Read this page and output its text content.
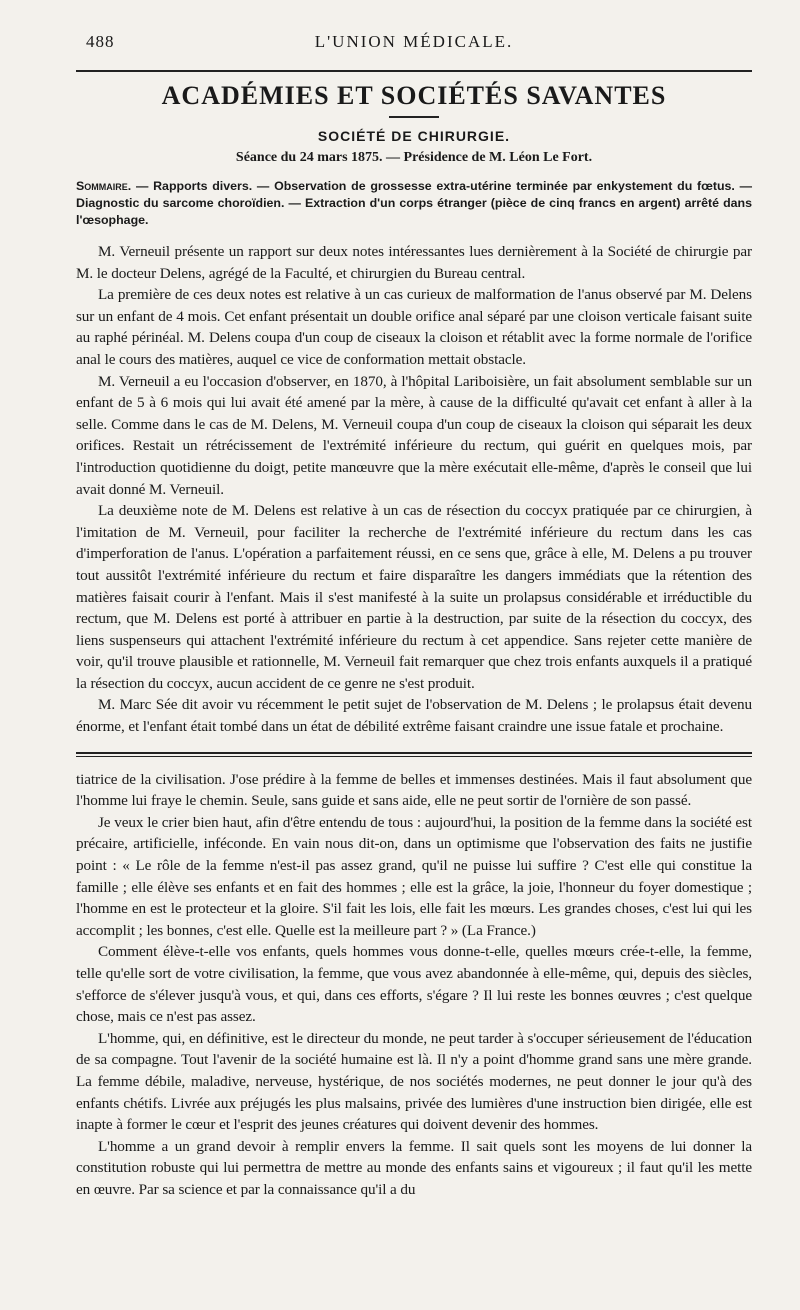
488	L'UNION MÉDICALE.
ACADÉMIES ET SOCIÉTÉS SAVANTES
SOCIÉTÉ DE CHIRURGIE.
Séance du 24 mars 1875. — Présidence de M. Léon Le Fort.
Sommaire. — Rapports divers. — Observation de grossesse extra-utérine terminée par enkystement du fœtus. — Diagnostic du sarcome choroïdien. — Extraction d'un corps étranger (pièce de cinq francs en argent) arrêté dans l'œsophage.

M. Verneuil présente un rapport sur deux notes intéressantes lues dernièrement à la Société de chirurgie par M. le docteur Delens, agrégé de la Faculté, et chirurgien du Bureau central.

La première de ces deux notes est relative à un cas curieux de malformation de l'anus observé par M. Delens sur un enfant de 4 mois. Cet enfant présentait un double orifice anal séparé par une cloison verticale faisant suite au raphé périnéal. M. Delens coupa d'un coup de ciseaux la cloison et rétablit avec la forme normale de l'orifice anal le cours des matières, auquel ce vice de conformation mettait obstacle.

M. Verneuil a eu l'occasion d'observer, en 1870, à l'hôpital Lariboisière, un fait absolument semblable sur un enfant de 5 à 6 mois qui lui avait été amené par la mère, à cause de la difficulté qu'avait cet enfant à aller à la selle. Comme dans le cas de M. Delens, M. Verneuil coupa d'un coup de ciseaux la cloison qui séparait les deux orifices. Restait un rétrécissement de l'extrémité inférieure du rectum, qui guérit en quelques mois, par l'introduction quotidienne du doigt, petite manœuvre que la mère exécutait elle-même, d'après le conseil que lui avait donné M. Verneuil.

La deuxième note de M. Delens est relative à un cas de résection du coccyx pratiquée par ce chirurgien, à l'imitation de M. Verneuil, pour faciliter la recherche de l'extrémité inférieure du rectum dans les cas d'imperforation de l'anus. L'opération a parfaitement réussi, en ce sens que, grâce à elle, M. Delens a pu trouver tout aussitôt l'extrémité inférieure du rectum et faire disparaître les dangers immédiats que la rétention des matières faisait courir à l'enfant. Mais il s'est manifesté à la suite un prolapsus considérable et irréductible du rectum, que M. Delens est porté à attribuer en partie à la destruction, par suite de la résection du coccyx, des liens suspenseurs qui attachent l'extrémité inférieure du rectum à cet appendice. Sans rejeter cette manière de voir, qu'il trouve plausible et rationnelle, M. Verneuil fait remarquer que chez trois enfants auxquels il a pratiqué la résection du coccyx, aucun accident de ce genre ne s'est produit.

M. Marc Sée dit avoir vu récemment le petit sujet de l'observation de M. Delens ; le prolapsus était devenu énorme, et l'enfant était tombé dans un état de débilité extrême faisant craindre une issue fatale et prochaine.

tiatrice de la civilisation. J'ose prédire à la femme de belles et immenses destinées. Mais il faut absolument que l'homme lui fraye le chemin. Seule, sans guide et sans aide, elle ne peut sortir de l'ornière de son passé.

Je veux le crier bien haut, afin d'être entendu de tous : aujourd'hui, la position de la femme dans la société est précaire, artificielle, inféconde. En vain nous dit-on, dans un optimisme que l'observation des faits ne justifie point : « Le rôle de la femme n'est-il pas assez grand, qu'il ne puisse lui suffire ? C'est elle qui constitue la famille ; elle élève ses enfants et en fait des hommes ; elle est la grâce, la joie, l'honneur du foyer domestique ; l'homme en est le protecteur et la gloire. S'il fait les lois, elle fait les mœurs. Les grandes choses, c'est lui qui les accomplit ; les bonnes, c'est elle. Quelle est la meilleure part ? » (La France.)

Comment élève-t-elle vos enfants, quels hommes vous donne-t-elle, quelles mœurs crée-t-elle, la femme, telle qu'elle sort de votre civilisation, la femme, que vous avez abandonnée à elle-même, qui, depuis des siècles, s'efforce de s'élever jusqu'à vous, et qui, dans ces efforts, s'égare ? Il lui reste les bonnes œuvres ; c'est quelque chose, mais ce n'est pas assez.

L'homme, qui, en définitive, est le directeur du monde, ne peut tarder à s'occuper sérieusement de l'éducation de sa compagne. Tout l'avenir de la société humaine est là. Il n'y a point d'homme grand sans une mère grande. La femme débile, maladive, nerveuse, hystérique, de nos sociétés modernes, ne peut donner le jour qu'à des enfants chétifs. Livrée aux préjugés les plus malsains, privée des lumières d'une instruction bien dirigée, elle est inapte à former le cœur et l'esprit des jeunes créatures qui doivent devenir des hommes.

L'homme a un grand devoir à remplir envers la femme. Il sait quels sont les moyens de lui donner la constitution robuste qui lui permettra de mettre au monde des enfants sains et vigoureux ; il faut qu'il les mette en œuvre. Par sa science et par la connaissance qu'il a du
